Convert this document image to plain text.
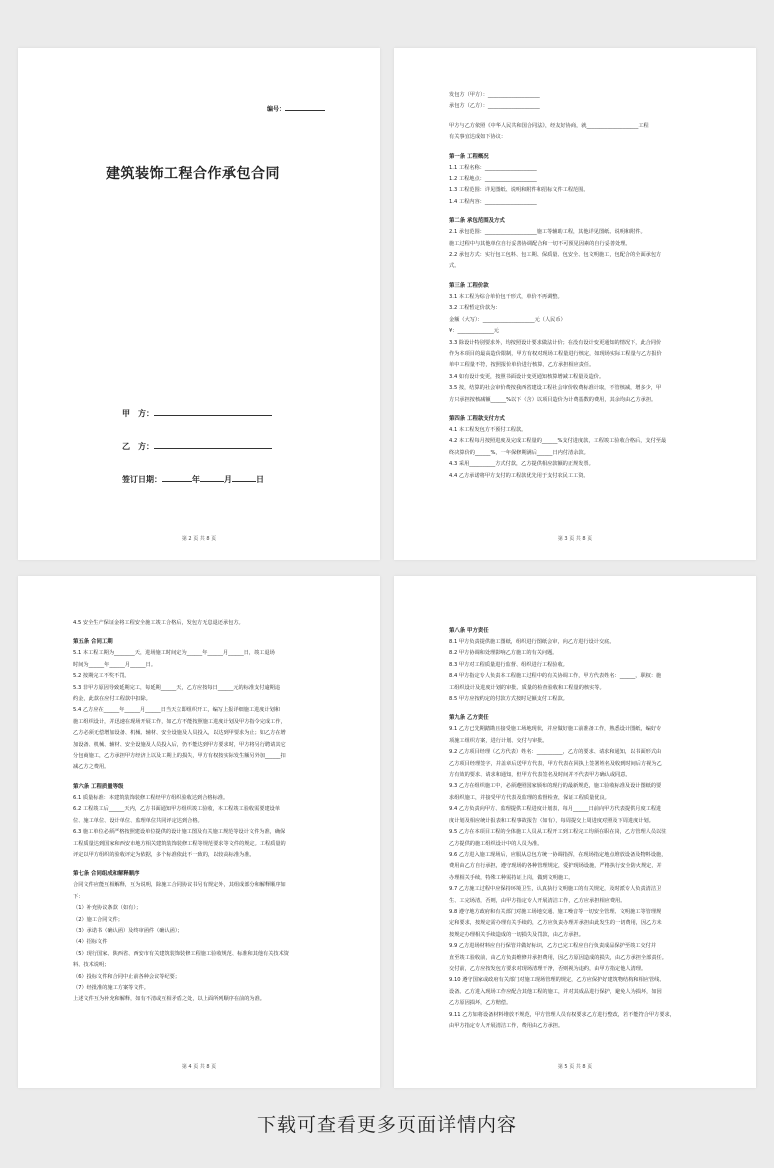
编号：
建筑装饰工程合作承包合同
甲　方：
乙　方：
签订日期：	年	月	日
第 2 页 共 8 页
发包方（甲方）：____________________
承包方（乙方）：____________________
甲方与乙方依照《中华人民共和国合同法》，经友好协商，就____________________工程
有关事宜达成如下协议：
第一条 工程概况
1.1 工程名称：____________________
1.2 工程地点：____________________
1.3 工程范围：详见图纸、说明和附件和招标文件工程范围。
1.4 工程内容：____________________
第二条 承包范围及方式
2.1 承包范围：____________________施工等辅助工程，其他详见图纸、说明和附件。
施工过程中与其他单位自行妥善协调配合和一切不可预见因素的自行妥善处理。
2.2 承包方式：实行包工包料、包工期、保质量、包安全、包文明施工，包配合的全面承包方
式。
第三条 工程价款
3.1 本工程为综合单价包干形式，单价不再调整。
3.2 工程暂定价款为：
金额（大写）：____________________元（人民币）
¥：______________元
3.3 除设计特别要求外，均按照设计要求做法计价；在没有设计变更通知的情况下，此合同价
作为本项目的最高造价限制，甲方有权对现场工程量进行核定，如现场实际工程量与乙方报价
单中工程量不符，按照报价单价进行核算，乙方承担相应责任。
3.4 如有设计变更，按照书面设计变更通知核算增减工程量及造价。
3.5 按，结算的社会审价费按我西省建设工程社会审价收费标准计取，不管核减，增多少，甲
方只承担按核减额______%以下（含）以项目造价为计费基数的费用，其余均由乙方承担。
第四条 工程款支付方式
4.1 本工程发包方不预付工程款。
4.2 本工程每月按照进度及完成工程量的______%支付进度款，工程竣工验收合格后，支付至最
终决算价的______%，一年保修期满后______日内付清余款。
4.3 采用__________方式付款，乙方提供相应款额的正规发票。
4.4 乙方承诺将甲方支付的工程款优先用于支付农民工工资。
第 3 页 共 8 页
4.5 安全生产保证金将工程安全施工竣工合格后，发包方无息退还承包方。
第五条 合同工期
5.1 本工程工期为________天，进场施工时间定为______年______月______日，竣工退场
时间为______年______月______日。
5.2 按期完工不奖不罚。
5.3 非甲方原因导致延期完工，每延期______天，乙方应按每日______元的标准支付逾期违
约金，此款在应付工程款中扣除。
5.4 乙方应在______年______月______日当天立即组织开工，编写上报详细施工进度计划和
施工组织设计，并迅速在现场开展工作，如乙方不能按照施工进度计划及甲方指令完成工作，
乙方必须无偿增加设备、机械、辅材、安全设施及人员投入，以达到甲要求为止；如乙方在增
加设备、机械、辅材、安全设施及人员投入后，仍不能达到甲方要求时，甲方将另行聘请其它
分包商施工，乙方承担甲方经济上以及工期上的损失，甲方有权按实际发生额另外加______扣
减乙方之费用。
第六条 工程质量等级
6.1 质量标准：本建筑装饰装修工程经甲方组织验收达到合格标准。
6.2 工程竣工后______天内，乙方书面通知甲方组织竣工验收，本工程竣工验收需要建设单
位、施工单位、设计单位、监理单位共同评定达到合格。
6.3 施工单位必须严格按照建设单位提供的设计施工图及有关施工规范等设计文件为准，确保
工程质量达到国家和西安市地方相关建筑装饰装修工程等规范要求等文件的规定。工程质量的
评定以甲方组织的验收评定为依据，多个标准依此不一致的，以较高标准为准。
第七条 合同组成和解释顺序
合同文件应能互相解释，互为说明，除施工合同协议书另有规定外，其组成部分和解释顺序如
下：
（1）补充协议条款（如有）；
（2）施工合同文件；
（3）承诺书（确认函）及终审函件（确认函）；
（4）招标文件
（5）现行国家、陕西省、西安市有关建筑装饰装修工程施工验收规范、标准和其他有关技术资
料、技术说明；
（6）投标文件和合同中止前各种会议等纪要；
（7）经批准的施工方案等文件。
上述文件互为补充和解释，如有不清或互相矛盾之处，以上面所列顺序在前的为准。
第 4 页 共 8 页
第八条 甲方责任
8.1 甲方负责提供施工图纸，组织进行图纸会审，向乙方进行设计交底。
8.2 甲方协调和处理影响乙方施工的有关问题。
8.3 甲方对工程质量进行监督、组织进行工程验收。
8.4 甲方指定专人负责本工程施工过程中的有关协调工作，甲方代表姓名：______，职权：施
工组织设计及进度计划的审批、质量的检查验收和工程量的核实等。
8.5 甲方应按约定的付款方式按时足额支付工程款。
第九条 乙方责任
9.1 乙方已先期踏勘且接受施工场地现状，并应做好施工前准备工作，熟悉设计图纸，编好专
项施工组织方案，进行计划、交付与审批。
9.2 乙方项目经理（乙方代表）姓名：__________，乙方的要求、请求和通知，以书面形式由
乙方项目经理签字，并盖章后送甲方代表，甲方代表在回执上签署姓名及收到时间后方视为乙
方有效的要求、请求和通知，但甲方代表签名及时间并不代表甲方确认或同意。
9.3 乙方在组织施工中，必须遵照国家颁布的现行的最新规范，施工验收标准及设计图纸的要
求组织施工，并接受甲方代表及监理的监督检查，保证工程质量优良。
9.4 乙方负责向甲方、监理提供工程进度计划表，每月______日前向甲方代表提供月度工程进
度计划及相应统计报表和工程事故报告（如有），每周提交上周进度对照及下周进度计划。
9.5 乙方在本项目工程的全体施工人员从工程开工到工程完工均须在职在岗，乙方管理人员以驻
乙方提供的施工组织设计中的人员为准。
9.6 乙方进入施工现场后，应服从总包方统一协调指挥，在现场指定地点堆放设备及物料设施，
费用由乙方自行承担，遵守现场的各种管理规定，爱护现场设施，严格执行安全防火规定，并
办理相关手续，特殊工种需持证上岗，做到文明施工。
9.7 乙方施工过程中应保持环境卫生，认真执行文明施工的有关规定，及时派专人负责清洁卫
生、工完场清，否则，由甲方指定专人开展清洁工作，乙方应承担相应费用。
9.8 遵守地方政府和有关部门对施工场地交通、施工噪音等一切安全管理、文明施工等管理规
定和要求，按规定需办理有关手续的，乙方应负责办理并承担由此发生的一切费用，因乙方未
按规定办理相关手续造成的一切损失及罚款，由乙方承担。
9.9 乙方进场材料应自行保管并做好标识，乙方已完工程应自行负责成品保护至竣工交付并
直至竣工验收前，由乙方负责维修并承担费用，因乙方原因造成的损失，由乙方承担全部责任。
交付前，乙方应按发包方要求对现场清理干净，否则视为违约，由甲方指定他人清理。
9.10 遵守国家或政府有关部门对施工现场管理的规定，乙方应保护好建筑物结构和相应管线、
设备。乙方进入现场工作应配合其他工程的施工，并对其成品进行保护，避免人为损坏，如因
乙方原因损坏，乙方赔偿。
9.11 乙方如将设备材料堆放不规范，甲方管理人员有权要求乙方进行整改，若不能符合甲方要求，
由甲方指定专人开展清洁工作，费用由乙方承担。
第 5 页 共 8 页
下载可查看更多页面详情内容
